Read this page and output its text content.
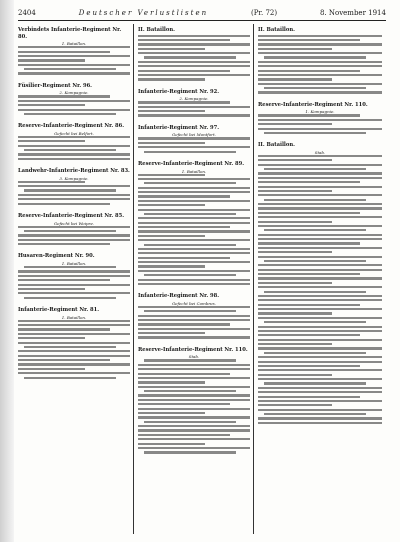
2404	Deutscher Verlustlisten	(Pr. 72)	8. November 1914
Verbindets Infanterie-Regiment Nr. 80.
1. Bataillon.
Füsilier-Regiment Nr. 96.
2. Kompagnie.
Reserve-Infanterie-Regiment Nr. 86.
Gefecht bei Belfort.
Landwehr-Infanterie-Regiment Nr. 83.
3. Kompagnie.
Reserve-Infanterie-Regiment Nr. 85.
Gefecht bei Woipre.
Husaren-Regiment Nr. 90.
1. Bataillon.
Infanterie-Regiment Nr. 81.
1. Bataillon.
II. Bataillon.
Infanterie-Regiment Nr. 92.
2. Kompagnie.
Infanterie-Regiment Nr. 97.
Gefecht bei Montfort.
Reserve-Infanterie-Regiment Nr. 89.
1. Bataillon.
Infanterie-Regiment Nr. 98.
Gefecht bei Combres.
Reserve-Infanterie-Regiment Nr. 110.
Stab.
II. Bataillon.
Reserve-Infanterie-Regiment Nr. 110.
1. Kompagnie.
II. Bataillon.
Stab.
